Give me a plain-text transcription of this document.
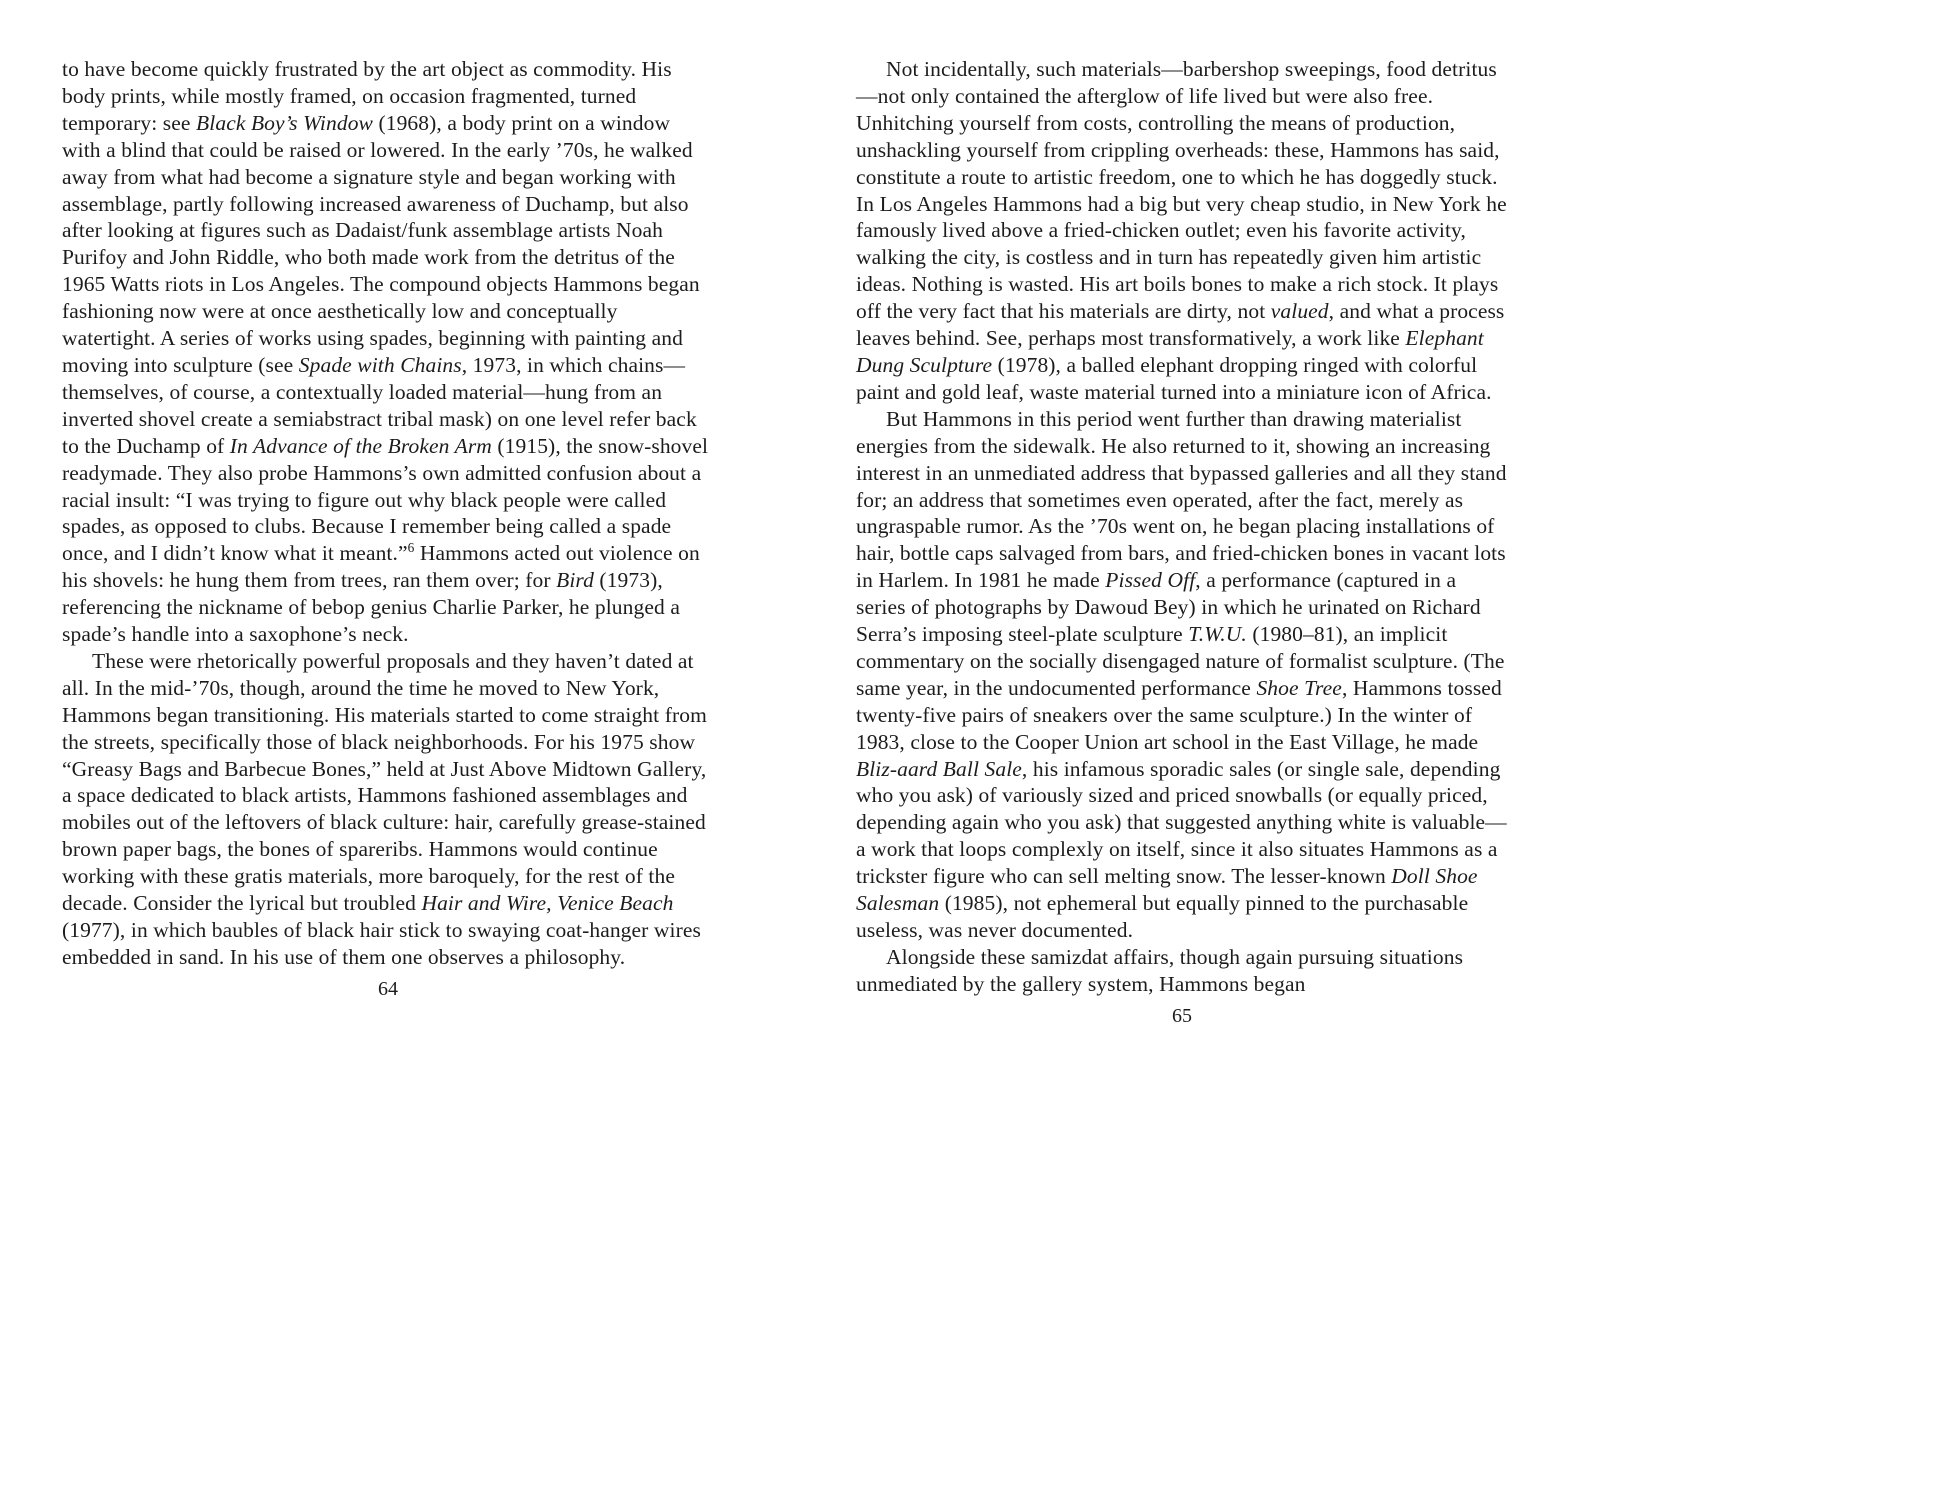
to have become quickly frustrated by the art object as commodity. His body prints, while mostly framed, on occasion fragmented, turned temporary: see Black Boy’s Window (1968), a body print on a window with a blind that could be raised or lowered. In the early ’70s, he walked away from what had become a signature style and began working with assemblage, partly following increased awareness of Duchamp, but also after looking at figures such as Dadaist/funk assemblage artists Noah Purifoy and John Riddle, who both made work from the detritus of the 1965 Watts riots in Los Angeles. The compound objects Hammons began fashioning now were at once aesthetically low and conceptually watertight. A series of works using spades, beginning with painting and moving into sculpture (see Spade with Chains, 1973, in which chains—themselves, of course, a contextually loaded material—hung from an inverted shovel create a semiabstract tribal mask) on one level refer back to the Duchamp of In Advance of the Broken Arm (1915), the snow-shovel readymade. They also probe Hammons’s own admitted confusion about a racial insult: “I was trying to figure out why black people were called spades, as opposed to clubs. Because I remember being called a spade once, and I didn’t know what it meant.”$^6$ Hammons acted out violence on his shovels: he hung them from trees, ran them over; for Bird (1973), referencing the nickname of bebop genius Charlie Parker, he plunged a spade’s handle into a saxophone’s neck.

These were rhetorically powerful proposals and they haven’t dated at all. In the mid-’70s, though, around the time he moved to New York, Hammons began transitioning. His materials started to come straight from the streets, specifically those of black neighborhoods. For his 1975 show “Greasy Bags and Barbecue Bones,” held at Just Above Midtown Gallery, a space dedicated to black artists, Hammons fashioned assemblages and mobiles out of the leftovers of black culture: hair, carefully grease-stained brown paper bags, the bones of spareribs. Hammons would continue working with these gratis materials, more baroquely, for the rest of the decade. Consider the lyrical but troubled Hair and Wire, Venice Beach (1977), in which baubles of black hair stick to swaying coat-hanger wires embedded in sand. In his use of them one observes a philosophy.

64

Not incidentally, such materials—barbershop sweepings, food detritus—not only contained the afterglow of life lived but were also free. Unhitching yourself from costs, controlling the means of production, unshackling yourself from crippling overheads: these, Hammons has said, constitute a route to artistic freedom, one to which he has doggedly stuck. In Los Angeles Hammons had a big but very cheap studio, in New York he famously lived above a fried-chicken outlet; even his favorite activity, walking the city, is costless and in turn has repeatedly given him artistic ideas. Nothing is wasted. His art boils bones to make a rich stock. It plays off the very fact that his materials are dirty, not valued, and what a process leaves behind. See, perhaps most transformatively, a work like Elephant Dung Sculpture (1978), a balled elephant dropping ringed with colorful paint and gold leaf, waste material turned into a miniature icon of Africa.

But Hammons in this period went further than drawing materialist energies from the sidewalk. He also returned to it, showing an increasing interest in an unmediated address that bypassed galleries and all they stand for; an address that sometimes even operated, after the fact, merely as ungraspable rumor. As the ’70s went on, he began placing installations of hair, bottle caps salvaged from bars, and fried-chicken bones in vacant lots in Harlem. In 1981 he made Pissed Off, a performance (captured in a series of photographs by Dawoud Bey) in which he urinated on Richard Serra’s imposing steel-plate sculpture T.W.U. (1980–81), an implicit commentary on the socially disengaged nature of formalist sculpture. (The same year, in the undocumented performance Shoe Tree, Hammons tossed twenty-five pairs of sneakers over the same sculpture.) In the winter of 1983, close to the Cooper Union art school in the East Village, he made Bliz-aard Ball Sale, his infamous sporadic sales (or single sale, depending who you ask) of variously sized and priced snowballs (or equally priced, depending again who you ask) that suggested anything white is valuable—a work that loops complexly on itself, since it also situates Hammons as a trickster figure who can sell melting snow. The lesser-known Doll Shoe Salesman (1985), not ephemeral but equally pinned to the purchasable useless, was never documented.

Alongside these samizdat affairs, though again pursuing situations unmediated by the gallery system, Hammons began

65
